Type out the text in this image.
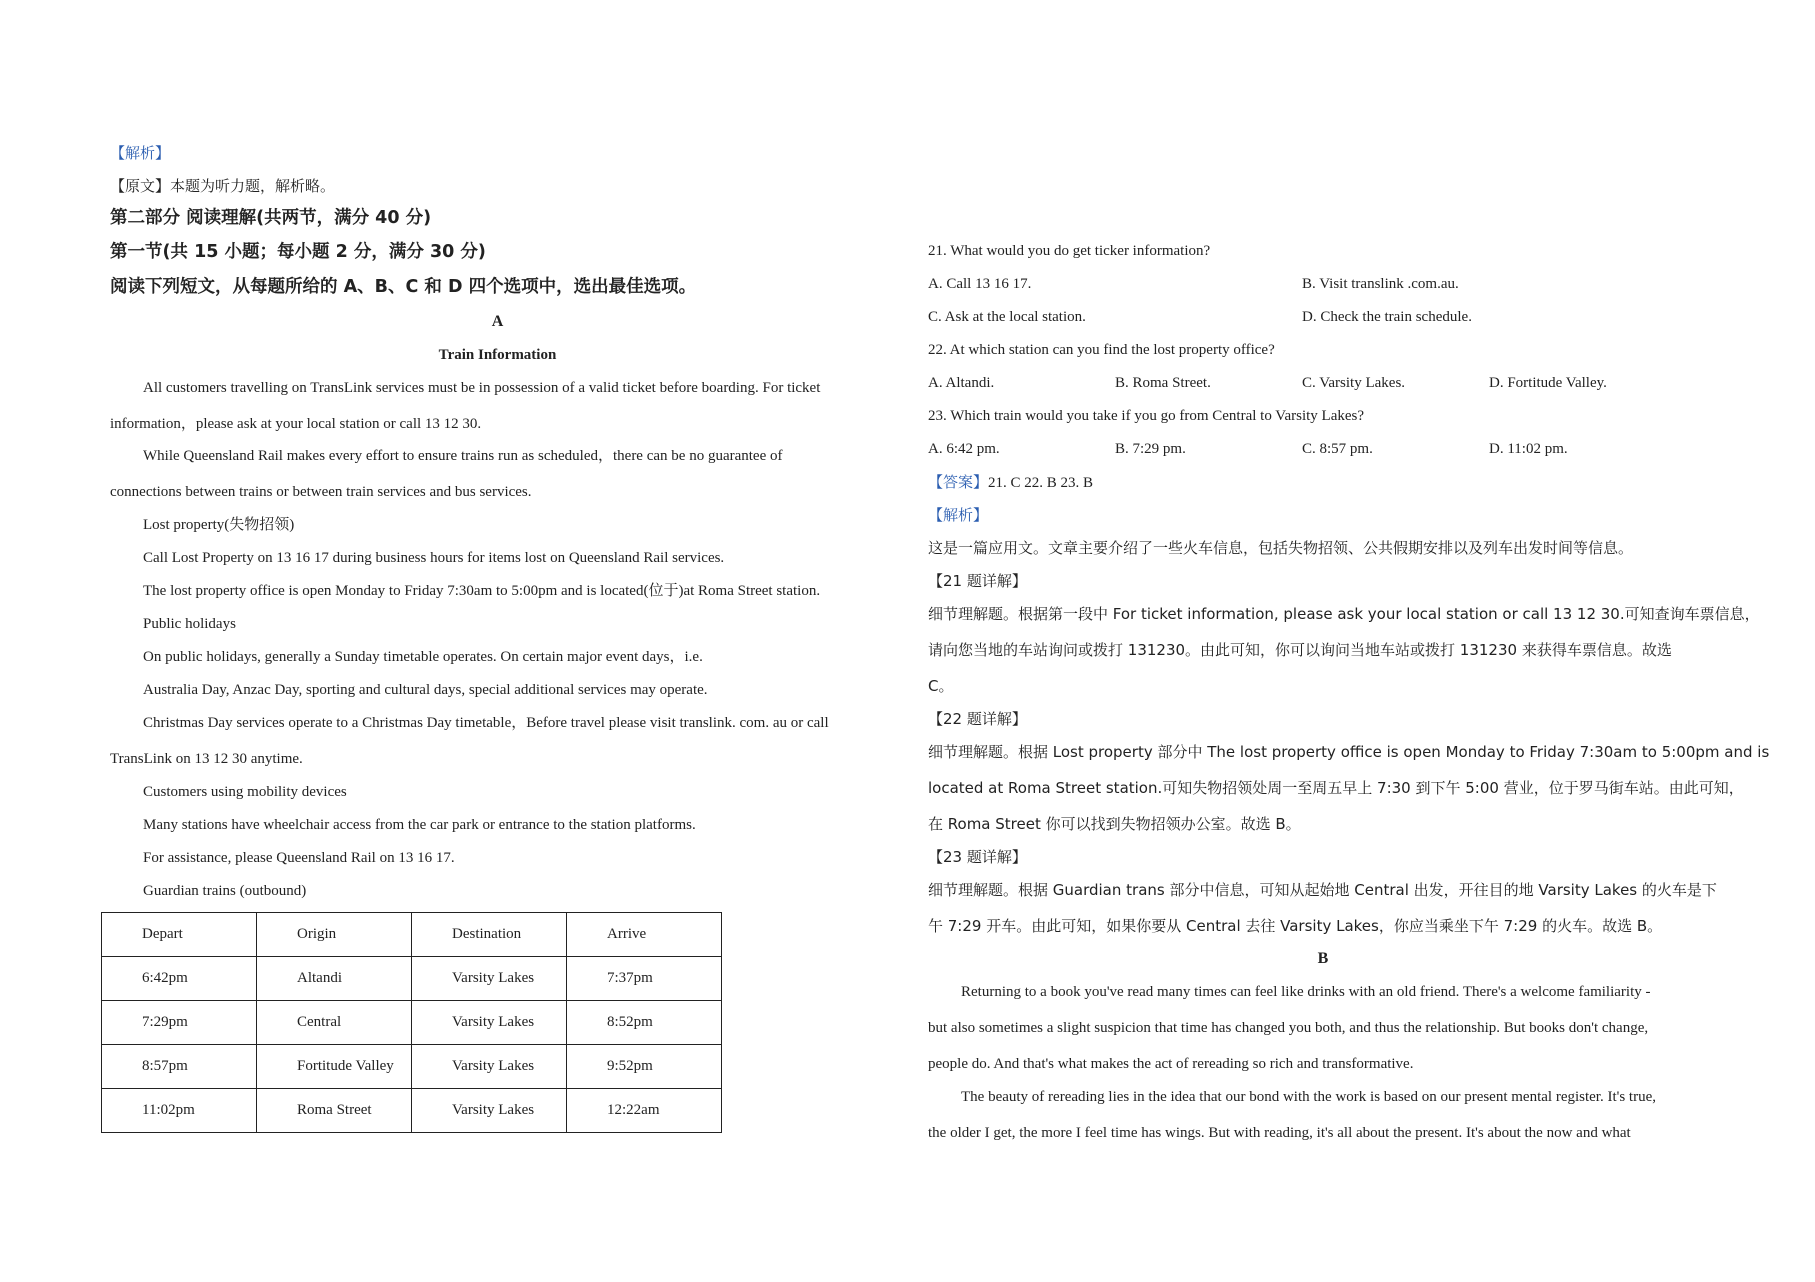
【解析】
【原文】本题为听力题，解析略。
第二部分 阅读理解(共两节，满分 40 分)
第一节(共 15 小题；每小题 2 分，满分 30 分)
阅读下列短文，从每题所给的 A、B、C 和 D 四个选项中，选出最佳选项。
A
Train Information
All customers travelling on TransLink services must be in possession of a valid ticket before boarding. For ticket
information，please ask at your local station or call 13 12 30.
While Queensland Rail makes every effort to ensure trains run as scheduled，there can be no guarantee of
connections between trains or between train services and bus services.
Lost property(失物招领)
Call Lost Property on 13 16 17 during business hours for items lost on Queensland Rail services.
The lost property office is open Monday to Friday 7:30am to 5:00pm and is located(位于)at Roma Street station.
Public holidays
On public holidays, generally a Sunday timetable operates. On certain major event days，i.e.
Australia Day, Anzac Day, sporting and cultural days, special additional services may operate.
Christmas Day services operate to a Christmas Day timetable，Before travel please visit translink. com. au or call
TransLink on 13 12 30 anytime.
Customers using mobility devices
Many stations have wheelchair access from the car park or entrance to the station platforms.
For assistance, please Queensland Rail on 13 16 17.
Guardian trains (outbound)
Depart	Origin	Destination	Arrive
6:42pm	Altandi	Varsity Lakes	7:37pm
7:29pm	Central	Varsity Lakes	8:52pm
8:57pm	Fortitude Valley	Varsity Lakes	9:52pm
11:02pm	Roma Street	Varsity Lakes	12:22am
21. What would you do get ticker information?
A. Call 13 16 17.	B. Visit translink .com.au.
C. Ask at the local station.	D. Check the train schedule.
22. At which station can you find the lost property office?
A. Altandi.	B. Roma Street.	C. Varsity Lakes.	D. Fortitude Valley.
23. Which train would you take if you go from Central to Varsity Lakes?
A. 6:42 pm.	B. 7:29 pm.	C. 8:57 pm.	D. 11:02 pm.
【答案】21. C 22. B 23. B
【解析】
这是一篇应用文。文章主要介绍了一些火车信息，包括失物招领、公共假期安排以及列车出发时间等信息。
【21 题详解】
细节理解题。根据第一段中 For ticket information, please ask your local station or call 13 12 30.可知查询车票信息，
请向您当地的车站询问或拨打 131230。由此可知，你可以询问当地车站或拨打 131230 来获得车票信息。故选
C。
【22 题详解】
细节理解题。根据 Lost property 部分中 The lost property office is open Monday to Friday 7:30am to 5:00pm and is
located at Roma Street station.可知失物招领处周一至周五早上 7:30 到下午 5:00 营业，位于罗马街车站。由此可知，
在 Roma Street 你可以找到失物招领办公室。故选 B。
【23 题详解】
细节理解题。根据 Guardian trans 部分中信息，可知从起始地 Central 出发，开往目的地 Varsity Lakes 的火车是下
午 7:29 开车。由此可知，如果你要从 Central 去往 Varsity Lakes，你应当乘坐下午 7:29 的火车。故选 B。
B
Returning to a book you've read many times can feel like drinks with an old friend. There's a welcome familiarity -
but also sometimes a slight suspicion that time has changed you both, and thus the relationship. But books don't change,
people do. And that's what makes the act of rereading so rich and transformative.
The beauty of rereading lies in the idea that our bond with the work is based on our present mental register. It's true,
the older I get, the more I feel time has wings. But with reading, it's all about the present. It's about the now and what
